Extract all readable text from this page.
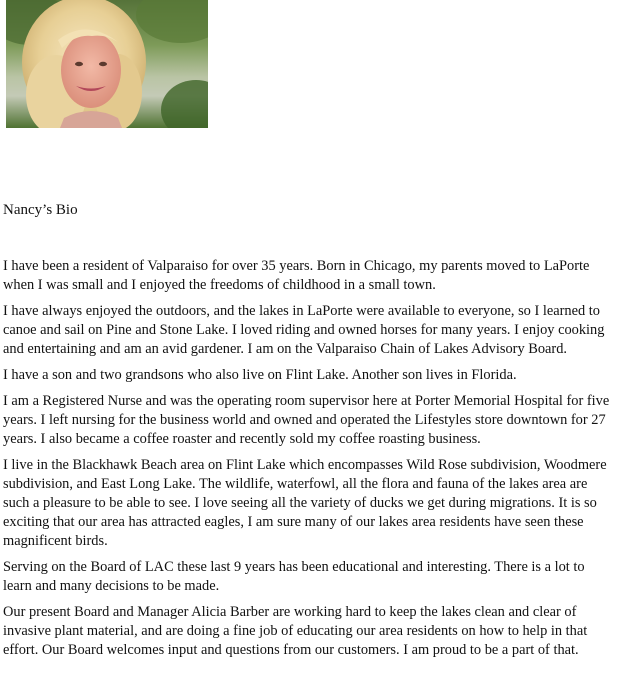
Nancy’s Bio

I have been a resident of Valparaiso for over 35 years. Born in Chicago, my parents moved to LaPorte
when I was small and I enjoyed the freedoms of childhood in a small town.

I have always enjoyed the outdoors, and the lakes in LaPorte were available to everyone, so I learned to
canoe and sail on Pine and Stone Lake. I loved riding and owned horses for many years. I enjoy cooking
and entertaining and am an avid gardener. I am on the Valparaiso Chain of Lakes Advisory Board.

I have a son and two grandsons who also live on Flint Lake. Another son lives in Florida.

I am a Registered Nurse and was the operating room supervisor here at Porter Memorial Hospital for five
years. I left nursing for the business world and owned and operated the Lifestyles store downtown for 27
years. I also became a coffee roaster and recently sold my coffee roasting business.

I live in the Blackhawk Beach area on Flint Lake which encompasses Wild Rose subdivision, Woodmere
subdivision, and East Long Lake. The wildlife, waterfowl, all the flora and fauna of the lakes area are
such a pleasure to be able to see. I love seeing all the variety of ducks we get during migrations. It is so
exciting that our area has attracted eagles, I am sure many of our lakes area residents have seen these
magnificent birds.

Serving on the Board of LAC these last 9 years has been educational and interesting. There is a lot to
learn and many decisions to be made.

Our present Board and Manager Alicia Barber are working hard to keep the lakes clean and clear of
invasive plant material, and are doing a fine job of educating our area residents on how to help in that
effort. Our Board welcomes input and questions from our customers. I am proud to be a part of that.
